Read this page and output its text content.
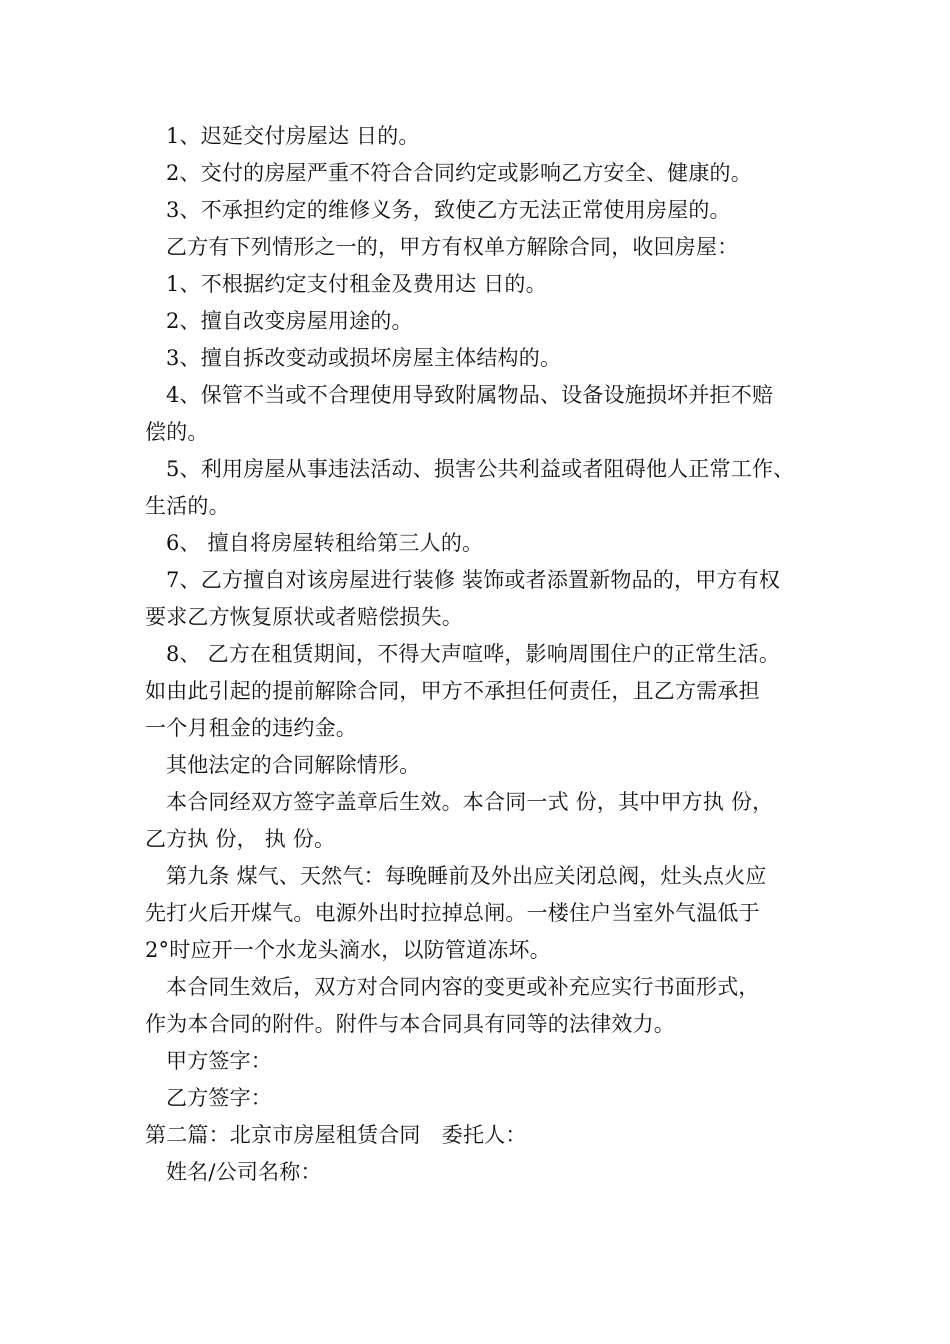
1、迟延交付房屋达 日的。
2、交付的房屋严重不符合合同约定或影响乙方安全、健康的。
3、不承担约定的维修义务，致使乙方无法正常使用房屋的。
乙方有下列情形之一的，甲方有权单方解除合同，收回房屋：
1、不根据约定支付租金及费用达 日的。
2、擅自改变房屋用途的。
3、擅自拆改变动或损坏房屋主体结构的。
4、保管不当或不合理使用导致附属物品、设备设施损坏并拒不赔
偿的。
5、利用房屋从事违法活动、损害公共利益或者阻碍他人正常工作、
生活的。
6、 擅自将房屋转租给第三人的。
7、乙方擅自对该房屋进行装修 装饰或者添置新物品的，甲方有权
要求乙方恢复原状或者赔偿损失。
8、 乙方在租赁期间，不得大声喧哗，影响周围住户的正常生活。
如由此引起的提前解除合同，甲方不承担任何责任，且乙方需承担
一个月租金的违约金。
其他法定的合同解除情形。
本合同经双方签字盖章后生效。本合同一式 份，其中甲方执 份，
乙方执 份， 执 份。
第九条 煤气、天然气：每晚睡前及外出应关闭总阀，灶头点火应
先打火后开煤气。电源外出时拉掉总闸。一楼住户当室外气温低于
2°时应开一个水龙头滴水，以防管道冻坏。
本合同生效后，双方对合同内容的变更或补充应实行书面形式，
作为本合同的附件。附件与本合同具有同等的法律效力。
甲方签字：
乙方签字：
第二篇：北京市房屋租赁合同　委托人：
姓名/公司名称：
